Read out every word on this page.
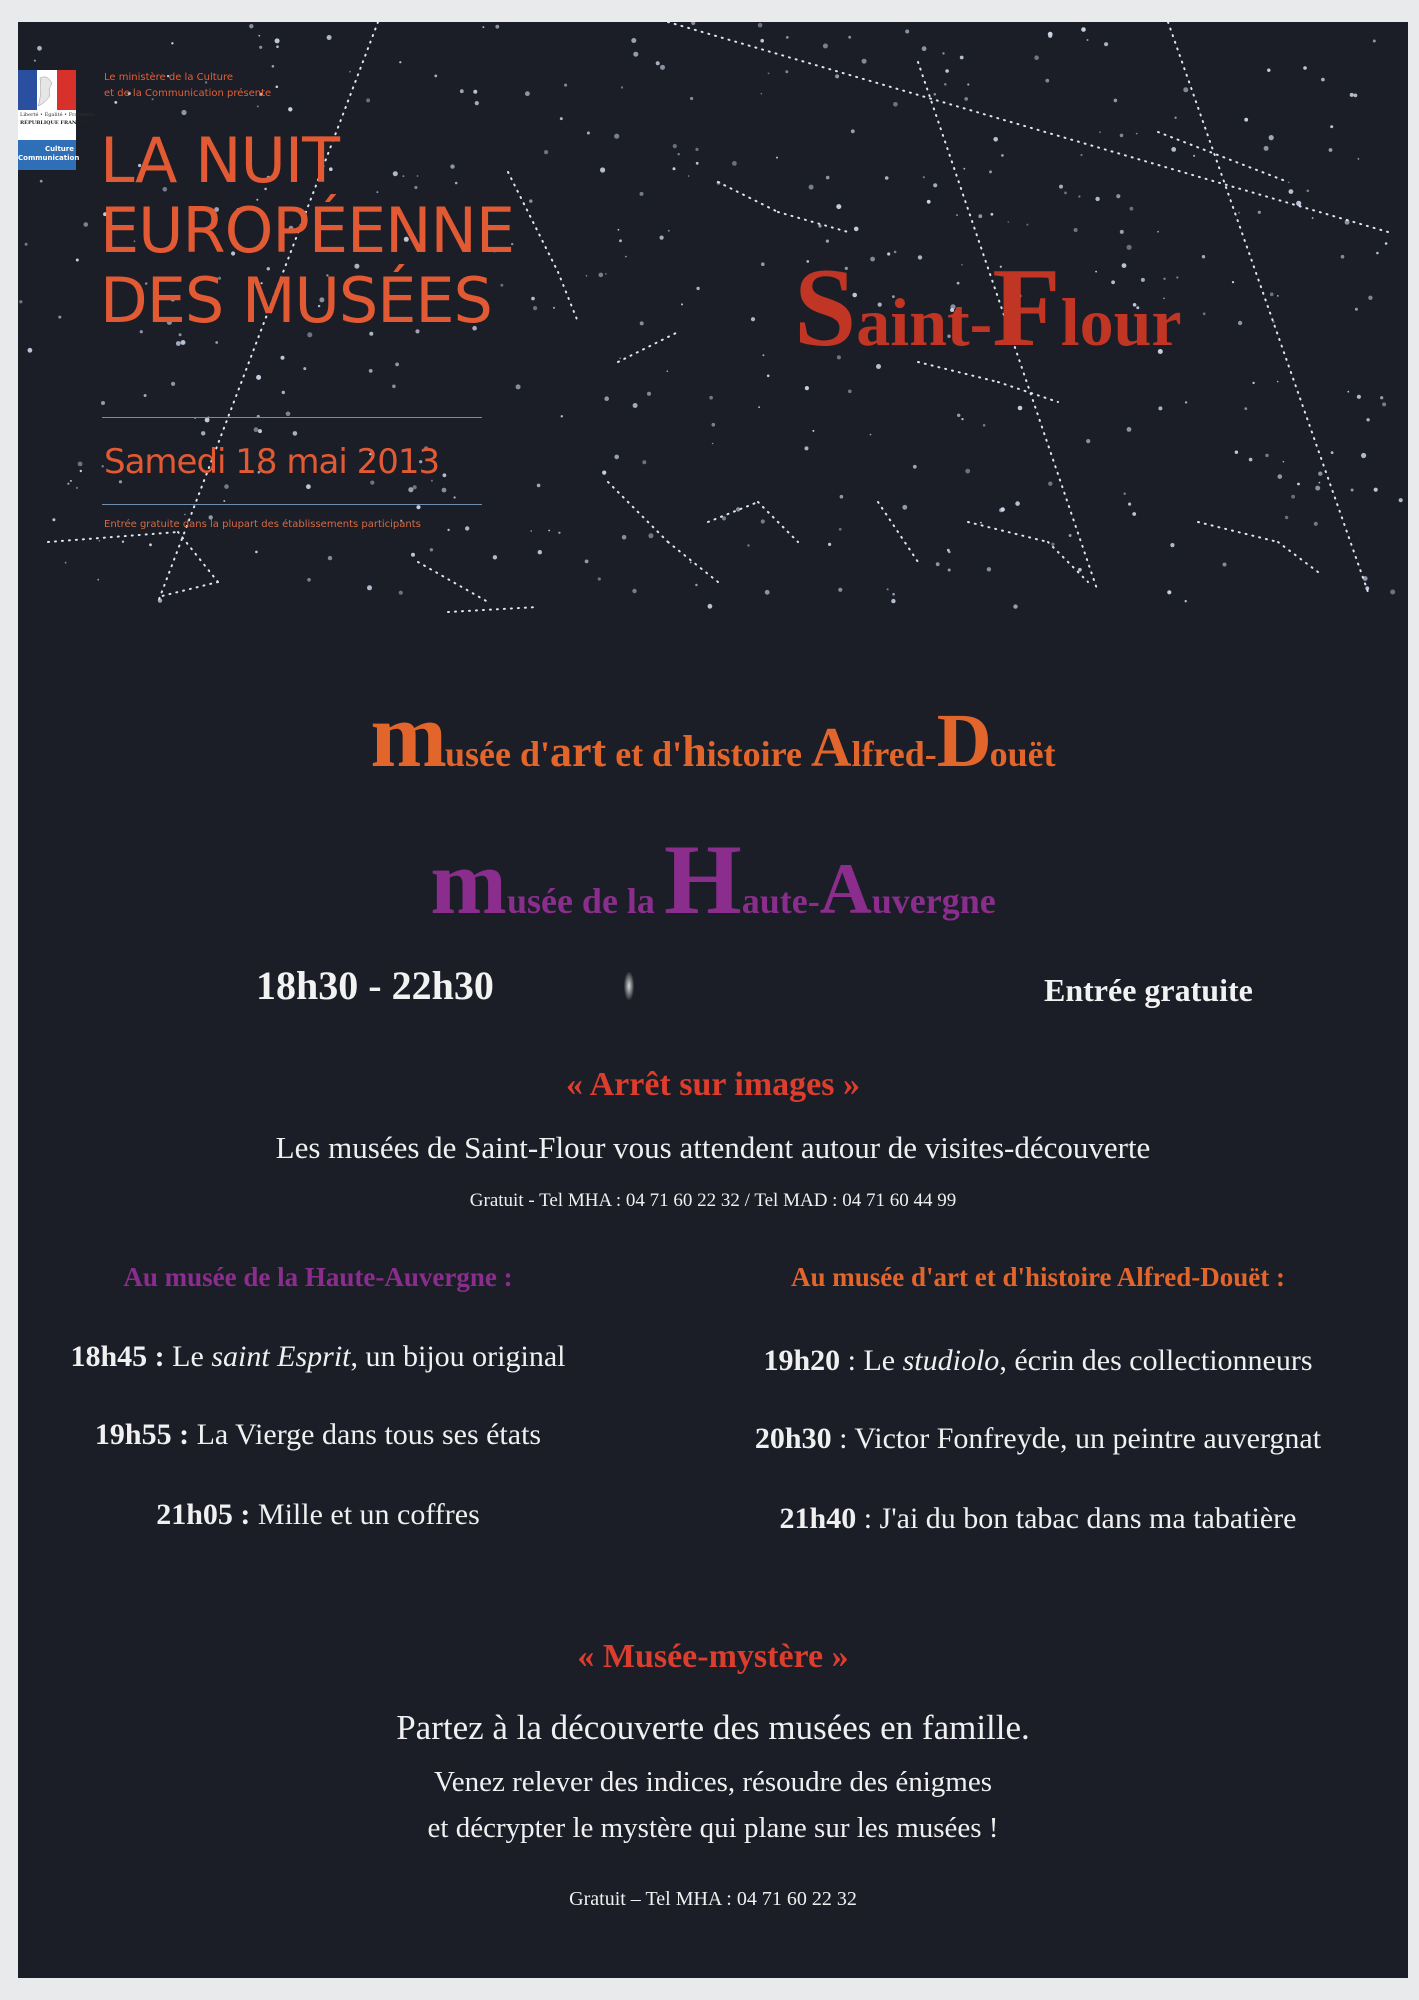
Liberté • Égalité • Fraternité
RÉPUBLIQUE FRANÇAISE
Culture
Communication
Le ministère de la Culture
et de la Communication présente
LA NUIT
EUROPÉENNE
DES MUSÉES
Samedi 18 mai 2013
Entrée gratuite dans la plupart des établissements participants
Saint-Flour
musée d'art et d'histoire Alfred-Douët
musée de la Haute-Auvergne
18h30 - 22h30	Entrée gratuite
« Arrêt sur images »
Les musées de Saint-Flour vous attendent autour de visites-découverte
Gratuit - Tel MHA : 04 71 60 22 32 / Tel MAD : 04 71 60 44 99
Au musée de la Haute-Auvergne :	Au musée d'art et d'histoire Alfred-Douët :
18h45 : Le saint Esprit, un bijou original
19h55 : La Vierge dans tous ses états
21h05 : Mille et un coffres
19h20 : Le studiolo, écrin des collectionneurs
20h30 : Victor Fonfreyde, un peintre auvergnat
21h40 : J'ai du bon tabac dans ma tabatière
« Musée-mystère »
Partez à la découverte des musées en famille.
Venez relever des indices, résoudre des énigmes
et décrypter le mystère qui plane sur les musées !
Gratuit – Tel MHA : 04 71 60 22 32
